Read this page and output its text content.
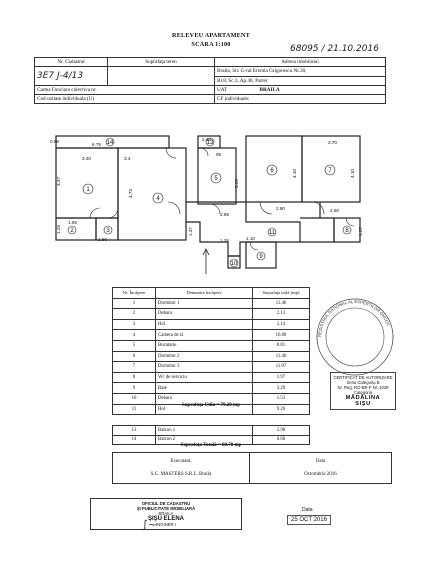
RELEVEU APARTAMENT
SCARA 1:100	68095 / 21.10.2016
Nr. Cadastral	Suprafaţa teren	Adresa imobilului
3E7 J-4/13		Braila, Str. G-ral Eremia Grigorescu Nr.30,
		Bl.8, Sc.3, Ap.48, Parter
Cartea Funciara colectiva nr.		UAT BRAILA
Cod unitate individuala (U)		CF individuale:
0.88
6.75
3.40	3.4
3.37
4.73
1.65
1.29
1.66
2.48
95
3.25
2.85
4.10
2.70
4.10
2.80	2.80
1.27
1.37
1.25	1.10
1
2	3
4
5
6	7
8
9
10
11
13
14
Nr. Încăpere	Denumire încăpere	Suprafaţa utilă (mp)
1	Dormitor 1	11.46
2	Debara	2.13
3	Hol	2.14
4	Camera de zi	16.08
5	Bucatarie	8.81
6	Dormitor 2	11.46
7	Dormitor 3	11.07
8	Wc de serviciu	1.97
9	Baie	3.29
10	Debara	1.53
11	Hol	9.26
Suprafaţa Utila = 79.20 mp
13	Balcon 1	2.98
14	Balcon 2	6.60
Suprafaţa Totală = 88.78 mp
Executant,
S.C. MASTERS S.R.L. Braila

Data
Octombrie 2016
OFICIUL DE CADASTRU
ŞI PUBLICITATE IMOBILIARĂ
BRAILA
ŞIŞU ELENA
INGINER I
∫~
Data
25 OCT 2016
REGISTRUL NATIONAL AL EXPERTILOR ONCGC
CERTIFICAT DE AUTORIZARE
Seria Categoria B
Nr. Reg. RO-BR-F Nr. 1029
Categoria
MĂDĂLINA
SIŞU
